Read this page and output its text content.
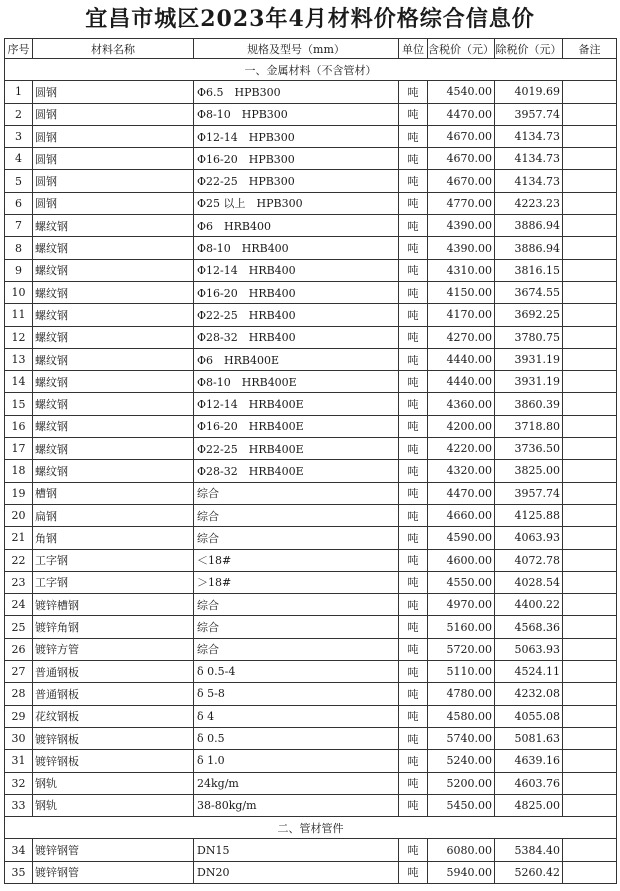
宜昌市城区2023年4月材料价格综合信息价
序号	材料名称	规格及型号（mm）	单位	含税价（元）	除税价（元）	备注
一、金属材料（不含管材）						
1	圆钢	Φ6.5　HPB300	吨	4540.00	4019.69	
2	圆钢	Φ8-10　HPB300	吨	4470.00	3957.74	
3	圆钢	Φ12-14　HPB300	吨	4670.00	4134.73	
4	圆钢	Φ16-20　HPB300	吨	4670.00	4134.73	
5	圆钢	Φ22-25　HPB300	吨	4670.00	4134.73	
6	圆钢	Φ25 以上　HPB300	吨	4770.00	4223.23	
7	螺纹钢	Φ6　HRB400	吨	4390.00	3886.94	
8	螺纹钢	Φ8-10　HRB400	吨	4390.00	3886.94	
9	螺纹钢	Φ12-14　HRB400	吨	4310.00	3816.15	
10	螺纹钢	Φ16-20　HRB400	吨	4150.00	3674.55	
11	螺纹钢	Φ22-25　HRB400	吨	4170.00	3692.25	
12	螺纹钢	Φ28-32　HRB400	吨	4270.00	3780.75	
13	螺纹钢	Φ6　HRB400E	吨	4440.00	3931.19	
14	螺纹钢	Φ8-10　HRB400E	吨	4440.00	3931.19	
15	螺纹钢	Φ12-14　HRB400E	吨	4360.00	3860.39	
16	螺纹钢	Φ16-20　HRB400E	吨	4200.00	3718.80	
17	螺纹钢	Φ22-25　HRB400E	吨	4220.00	3736.50	
18	螺纹钢	Φ28-32　HRB400E	吨	4320.00	3825.00	
19	槽钢	综合	吨	4470.00	3957.74	
20	扁钢	综合	吨	4660.00	4125.88	
21	角钢	综合	吨	4590.00	4063.93	
22	工字钢	＜18#	吨	4600.00	4072.78	
23	工字钢	＞18#	吨	4550.00	4028.54	
24	镀锌槽钢	综合	吨	4970.00	4400.22	
25	镀锌角钢	综合	吨	5160.00	4568.36	
26	镀锌方管	综合	吨	5720.00	5063.93	
27	普通钢板	δ 0.5-4	吨	5110.00	4524.11	
28	普通钢板	δ 5-8	吨	4780.00	4232.08	
29	花纹钢板	δ 4	吨	4580.00	4055.08	
30	镀锌钢板	δ 0.5	吨	5740.00	5081.63	
31	镀锌钢板	δ 1.0	吨	5240.00	4639.16	
32	钢轨	24kg/m	吨	5200.00	4603.76	
33	钢轨	38-80kg/m	吨	5450.00	4825.00	
二、管材管件						
34	镀锌钢管	DN15	吨	6080.00	5384.40	
35	镀锌钢管	DN20	吨	5940.00	5260.42	
